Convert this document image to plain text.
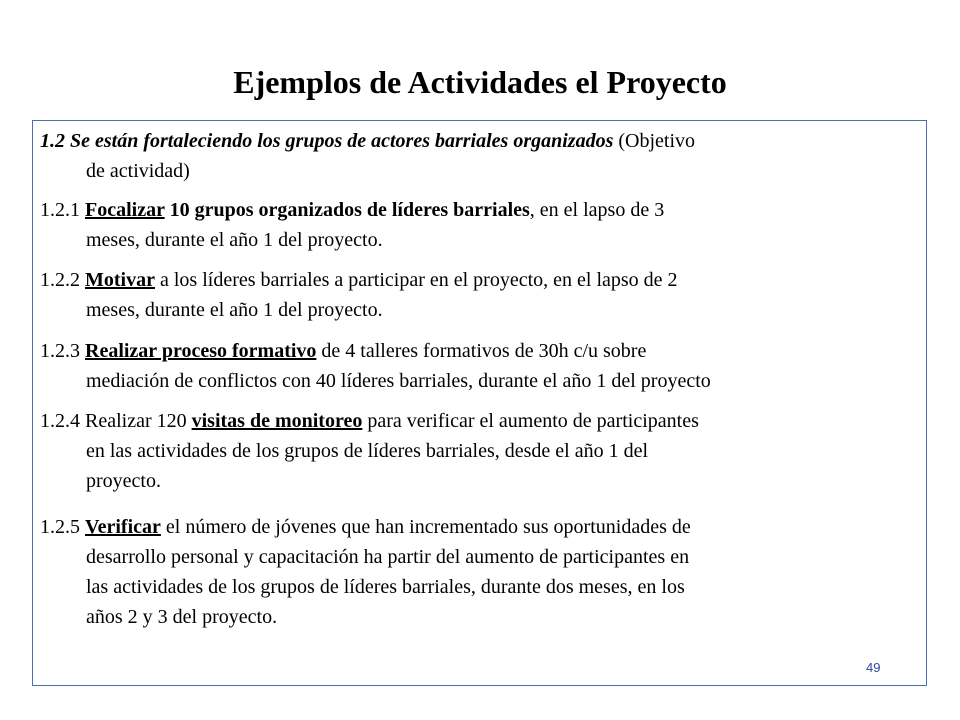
Ejemplos de Actividades el Proyecto
1.2 Se están fortaleciendo los grupos de actores barriales organizados (Objetivo
de actividad)
1.2.1 Focalizar 10 grupos organizados de líderes barriales, en el lapso de 3
meses, durante el año 1 del proyecto.
1.2.2 Motivar a los líderes barriales a participar en el proyecto, en el lapso de 2
meses, durante el año 1 del proyecto.
1.2.3 Realizar proceso formativo de 4 talleres formativos de 30h c/u sobre
mediación de conflictos con 40 líderes barriales, durante el año 1 del proyecto
1.2.4 Realizar 120 visitas de monitoreo para verificar el aumento de participantes
en las actividades de los grupos de líderes barriales, desde el año 1 del
proyecto.
1.2.5 Verificar el número de jóvenes que han incrementado sus oportunidades de
desarrollo personal y capacitación ha partir del aumento de participantes en
las actividades de los grupos de líderes barriales, durante dos meses, en los
años 2 y 3 del proyecto.
49
